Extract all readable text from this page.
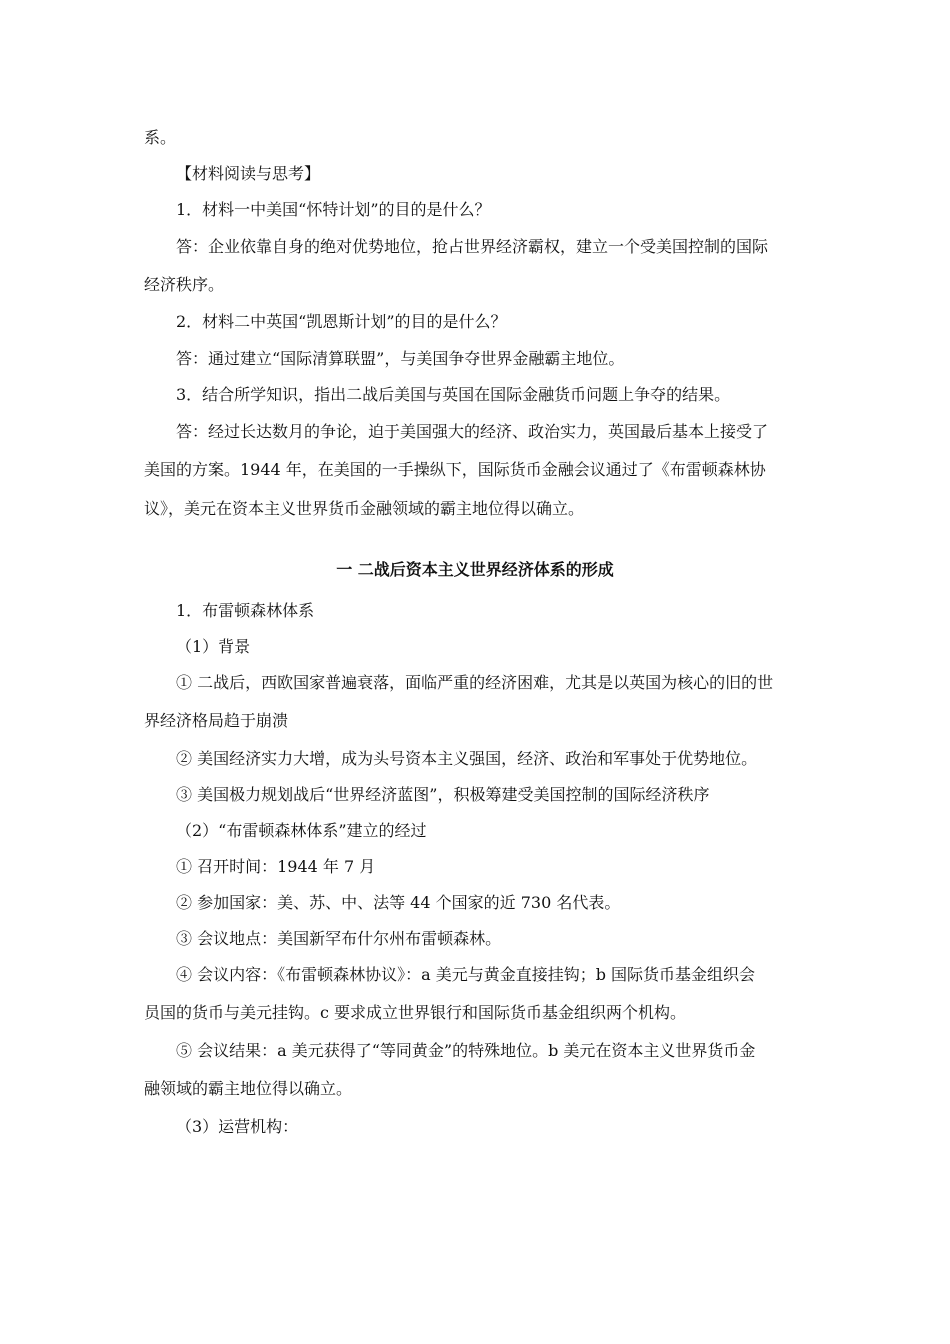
系。
【材料阅读与思考】
1．材料一中美国“怀特计划”的目的是什么？
答：企业依靠自身的绝对优势地位，抢占世界经济霸权，建立一个受美国控制的国际
经济秩序。
2．材料二中英国“凯恩斯计划”的目的是什么？
答：通过建立“国际清算联盟”，与美国争夺世界金融霸主地位。
3．结合所学知识，指出二战后美国与英国在国际金融货币问题上争夺的结果。
答：经过长达数月的争论，迫于美国强大的经济、政治实力，英国最后基本上接受了
美国的方案。1944 年，在美国的一手操纵下，国际货币金融会议通过了《布雷顿森林协
议》，美元在资本主义世界货币金融领域的霸主地位得以确立。
一 二战后资本主义世界经济体系的形成
1．布雷顿森林体系
（1）背景
① 二战后，西欧国家普遍衰落，面临严重的经济困难，尤其是以英国为核心的旧的世
界经济格局趋于崩溃
② 美国经济实力大增，成为头号资本主义强国，经济、政治和军事处于优势地位。
③ 美国极力规划战后“世界经济蓝图”，积极筹建受美国控制的国际经济秩序
（2）“布雷顿森林体系”建立的经过
① 召开时间：1944 年 7 月
② 参加国家：美、苏、中、法等 44 个国家的近 730 名代表。
③ 会议地点：美国新罕布什尔州布雷顿森林。
④ 会议内容：《布雷顿森林协议》：a 美元与黄金直接挂钩；b 国际货币基金组织会
员国的货币与美元挂钩。c 要求成立世界银行和国际货币基金组织两个机构。
⑤ 会议结果：a 美元获得了“等同黄金”的特殊地位。b 美元在资本主义世界货币金
融领域的霸主地位得以确立。
（3）运营机构：
